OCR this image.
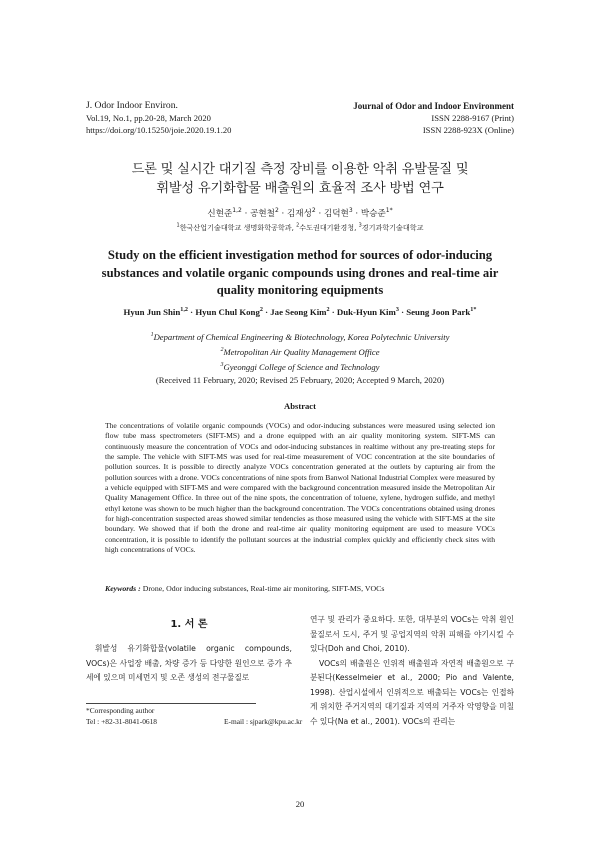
J. Odor Indoor Environ.
Vol.19, No.1, pp.20-28, March 2020
https://doi.org/10.15250/joie.2020.19.1.20
Journal of Odor and Indoor Environment
ISSN 2288-9167 (Print)
ISSN 2288-923X (Online)
드론 및 실시간 대기질 측정 장비를 이용한 악취 유발물질 및
휘발성 유기화합물 배출원의 효율적 조사 방법 연구
신현준$^{1,2}$ · 공현철$^2$ · 김재성$^2$ · 김덕현$^3$ · 박승준$^{1*}$
$^1$한국산업기술대학교 생명화학공학과, $^2$수도권대기환경청, $^3$경기과학기술대학교
Study on the efficient investigation method for sources of odor-inducing
substances and volatile organic compounds using drones and real-time air
quality monitoring equipments
Hyun Jun Shin$^{1,2}$ · Hyun Chul Kong$^2$ · Jae Seong Kim$^2$ · Duk-Hyun Kim$^3$ · Seung Joon Park$^{1*}$
$^1$Department of Chemical Engineering & Biotechnology, Korea Polytechnic University
$^2$Metropolitan Air Quality Management Office
$^3$Gyeonggi College of Science and Technology
(Received 11 February, 2020; Revised 25 February, 2020; Accepted 9 March, 2020)
Abstract
The concentrations of volatile organic compounds (VOCs) and odor-inducing substances were measured using selected ion flow tube mass spectrometers (SIFT-MS) and a drone equipped with an air quality monitoring system. SIFT-MS can continuously measure the concentration of VOCs and odor-inducing substances in realtime without any pre-treating steps for the sample. The vehicle with SIFT-MS was used for real-time measurement of VOC concentration at the site boundaries of pollution sources. It is possible to directly analyze VOCs concentration generated at the outlets by capturing air from the pollution sources with a drone. VOCs concentrations of nine spots from Banwol National Industrial Complex were measured by a vehicle equipped with SIFT-MS and were compared with the background concentration measured inside the Metropolitan Air Quality Management Office. In three out of the nine spots, the concentration of toluene, xylene, hydrogen sulfide, and methyl ethyl ketone was shown to be much higher than the background concentration. The VOCs concentrations obtained using drones for high-concentration suspected areas showed similar tendencies as those measured using the vehicle with SIFT-MS at the site boundary. We showed that if both the drone and real-time air quality monitoring equipment are used to measure VOCs concentration, it is possible to identify the pollutant sources at the industrial complex quickly and efficiently check sites with high concentrations of VOCs.
Keywords : Drone, Odor inducing substances, Real-time air monitoring, SIFT-MS, VOCs
1. 서 론

휘발성 유기화합물(volatile organic compounds, VOCs)은 사업장 배출, 차량 증가 등 다양한 원인으로 증가 추세에 있으며 미세먼지 및 오존 생성의 전구물질로

*Corresponding author
Tel : +82-31-8041-0618	E-mail : sjpark@kpu.ac.kr

연구 및 관리가 중요하다. 또한, 대부분의 VOCs는 악취 원인물질로서 도시, 주거 및 공업지역의 악취 피해를 야기시킬 수 있다(Doh and Choi, 2010).

VOCs의 배출원은 인위적 배출원과 자연적 배출원으로 구분된다(Kesselmeier et al., 2000; Pio and Valente, 1998). 산업시설에서 인위적으로 배출되는 VOCs는 인접하게 위치한 주거지역의 대기질과 지역의 거주자 악영향을 미칠 수 있다(Na et al., 2001). VOCs의 관리는

20
